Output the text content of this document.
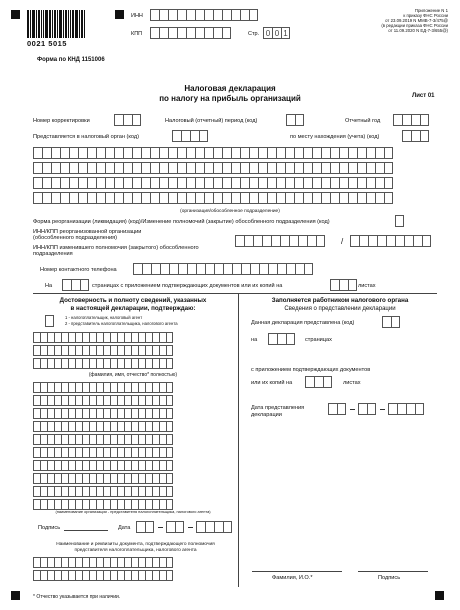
0021 5015
ИНН
КПП	Стр. 0 0 1
Приложение N 1
к приказу ФНС России
от 23.09.2019 N ММВ-7-3/475@
(в редакции приказа ФНС России
от 11.09.2020 N ЕД-7-3/655@)
Форма по КНД 1151006
Лист 01
Налоговая декларация
по налогу на прибыль организаций
Номер корректировки	Налоговый (отчетный) период (код)	Отчетный год
Представляется в налоговый орган (код)	по месту нахождения (учета) (код)
(организация/обособленное подразделение)
Форма реорганизации (ликвидация) (код)/Изменение полномочий (закрытие) обособленного подразделения (код)
ИНН/КПП реорганизованной организации (обособленного подразделения)	/
ИНН/КПП изменившего полномочия (закрытого) обособленного подразделения
Номер контактного телефона
На	страницах с приложением подтверждающих документов или их копий на	листах
Достоверность и полноту сведений, указанных
в настоящей декларации, подтверждаю:
1 - налогоплательщик, налоговый агент
2 - представитель налогоплательщика, налогового агента
(фамилия, имя, отчество* полностью)
(наименование организации - представителя налогоплательщика, налогового агента)
Подпись	Дата
Наименование и реквизиты документа, подтверждающего полномочия
представителя налогоплательщика, налогового агента
Заполняется работником налогового органа
Сведения о представлении декларации
Данная декларация представлена (код)
на	страницах
с приложением подтверждающих документов
или их копий на	листах
Дата представления
декларации
Фамилия, И.О.*	Подпись
* Отчество указывается при наличии.
